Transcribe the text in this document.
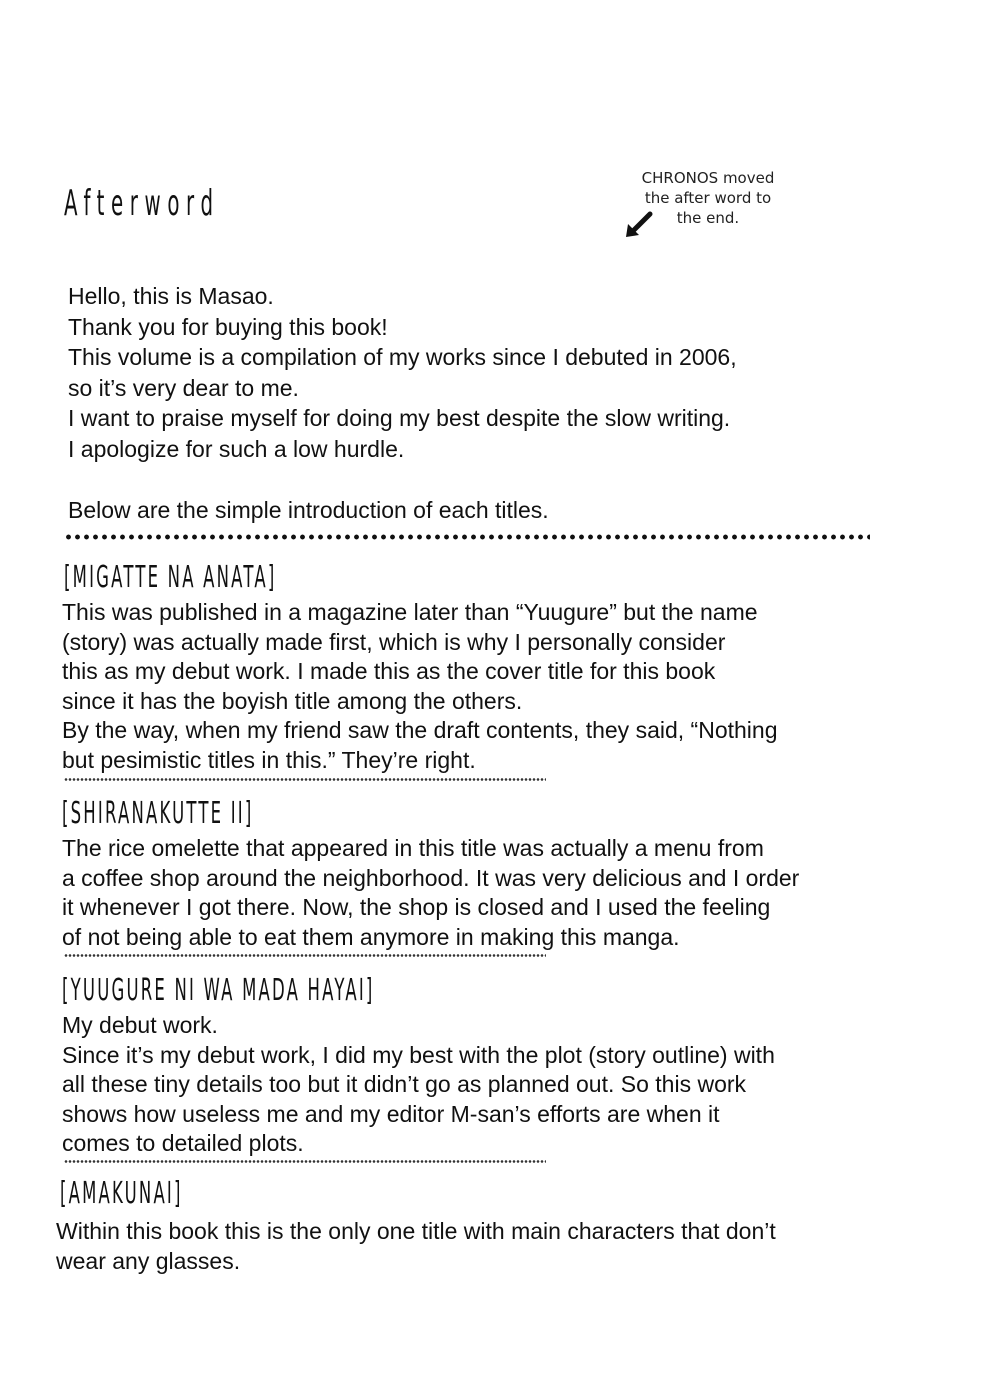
Afterword
CHRONOS moved
the after word to
the end.
Hello, this is Masao.
Thank you for buying this book!
This volume is a compilation of my works since I debuted in 2006,
so it’s very dear to me.
I want to praise myself for doing my best despite the slow writing.
I apologize for such a low hurdle.
Below are the simple introduction of each titles.
[MIGATTE NA ANATA]
This was published in a magazine later than “Yuugure” but the name
(story) was actually made first, which is why I personally consider
this as my debut work. I made this as the cover title for this book
since it has the boyish title among the others.
By the way, when my friend saw the draft contents, they said, “Nothing
but pesimistic titles in this.” They’re right.
[SHIRANAKUTTE II]
The rice omelette that appeared in this title was actually a menu from
a coffee shop around the neighborhood. It was very delicious and I order
it whenever I got there. Now, the shop is closed and I used the feeling
of not being able to eat them anymore in making this manga.
[YUUGURE NI WA MADA HAYAI]
My debut work.
Since it’s my debut work, I did my best with the plot (story outline) with
all these tiny details too but it didn’t go as planned out. So this work
shows how useless me and my editor M-san’s efforts are when it
comes to detailed plots.
[AMAKUNAI]
Within this book this is the only one title with main characters that don’t
wear any glasses.
